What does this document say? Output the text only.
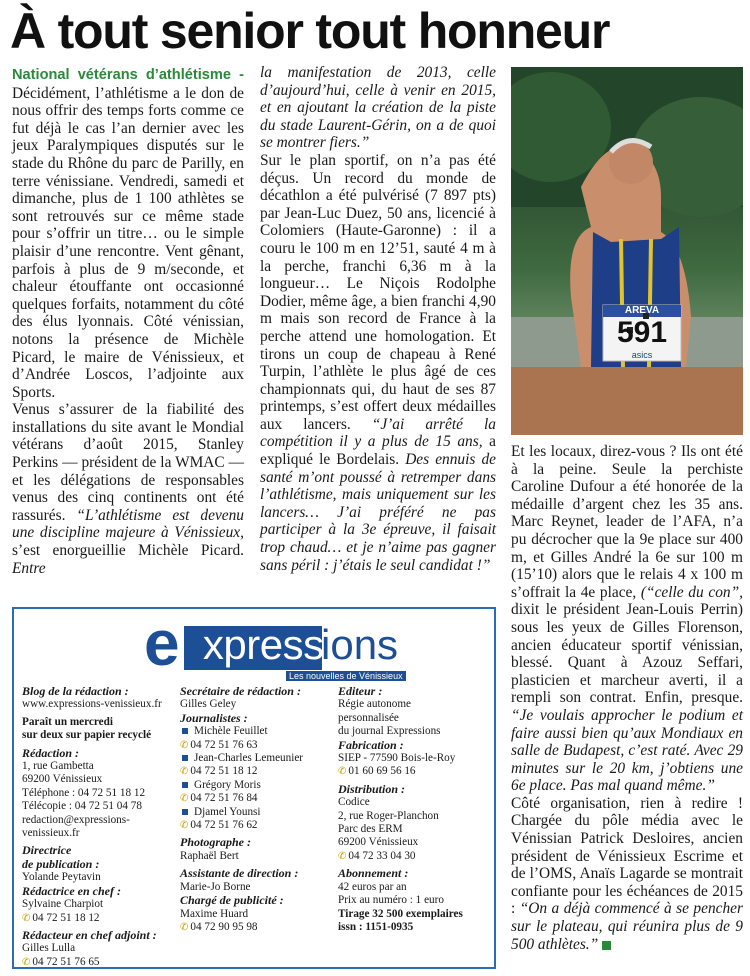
À tout senior tout honneur

National vétérans d’athlétisme - Décidément, l’athlétisme a le don de nous offrir des temps forts comme ce fut déjà le cas l’an dernier avec les jeux Paralympiques disputés sur le stade du Rhône du parc de Parilly, en terre vénissiane. Vendredi, samedi et dimanche, plus de 1 100 athlètes se sont retrouvés sur ce même stade pour s’offrir un titre… ou le simple plaisir d’une rencontre. Vent gênant, parfois à plus de 9 m/seconde, et chaleur étouffante ont occasionné quelques forfaits, notamment du côté des élus lyonnais. Côté vénissian, notons la présence de Michèle Picard, le maire de Vénissieux, et d’Andrée Loscos, l’adjointe aux Sports.

Venus s’assurer de la fiabilité des installations du site avant le Mondial vétérans d’août 2015, Stanley Perkins — président de la WMAC — et les délégations de responsables venus des cinq continents ont été rassurés. “L’athlétisme est devenu une discipline majeure à Vénissieux, s’est enorgueillie Michèle Picard. Entre

la manifestation de 2013, celle d’aujourd’hui, celle à venir en 2015, et en ajoutant la création de la piste du stade Laurent-Gérin, on a de quoi se montrer fiers.”

Sur le plan sportif, on n’a pas été déçus. Un record du monde de décathlon a été pulvérisé (7 897 pts) par Jean-Luc Duez, 50 ans, licencié à Colomiers (Haute-Garonne) : il a couru le 100 m en 12’51, sauté 4 m à la perche, franchi 6,36 m à la longueur… Le Niçois Rodolphe Dodier, même âge, a bien franchi 4,90 m mais son record de France à la perche attend une homologation. Et tirons un coup de chapeau à René Turpin, l’athlète le plus âgé de ces championnats qui, du haut de ses 87 printemps, s’est offert deux médailles aux lancers. “J’ai arrêté la compétition il y a plus de 15 ans, a expliqué le Bordelais. Des ennuis de santé m’ont poussé à retremper dans l’athlétisme, mais uniquement sur les lancers… J’ai préféré ne pas participer à la 3e épreuve, il faisait trop chaud… et je n’aime pas gagner sans péril : j’étais le seul candidat !”

AREVA
591
asics

Et les locaux, direz-vous ? Ils ont été à la peine. Seule la perchiste Caroline Dufour a été honorée de la médaille d’argent chez les 35 ans. Marc Reynet, leader de l’AFA, n’a pu décrocher que la 9e place sur 400 m, et Gilles André la 6e sur 100 m (15’10) alors que le relais 4 x 100 m s’offrait la 4e place, (“celle du con”, dixit le président Jean-Louis Perrin) sous les yeux de Gilles Florenson, ancien éducateur sportif vénissian, blessé. Quant à Azouz Seffari, plasticien et marcheur averti, il a rempli son contrat. Enfin, presque. “Je voulais approcher le podium et faire aussi bien qu’aux Mondiaux en salle de Budapest, c’est raté. Avec 29 minutes sur le 20 km, j’obtiens une 6e place. Pas mal quand même.”

Côté organisation, rien à redire ! Chargée du pôle média avec le Vénissian Patrick Desloires, ancien président de Vénissieux Escrime et de l’OMS, Anaïs Lagarde se montrait confiante pour les échéances de 2015 : “On a déjà commencé à se pencher sur le plateau, qui réunira plus de 9 500 athlètes.”

e xpress
ions
Les nouvelles de Vénissieux
Blog de la rédaction :
www.expressions-venissieux.fr
Paraît un mercredi
sur deux sur papier recyclé
Rédaction :
1, rue Gambetta
69200 Vénissieux
Téléphone : 04 72 51 18 12
Télécopie : 04 72 51 04 78
redaction@expressions-
venissieux.fr
Directrice
de publication :
Yolande Peytavin
Rédactrice en chef :
Sylvaine Charpiot
✆ 04 72 51 18 12
Rédacteur en chef adjoint :
Gilles Lulla
✆ 04 72 51 76 65
Secrétaire de rédaction :
Gilles Geley
Journalistes :
Michèle Feuillet
✆ 04 72 51 76 63
Jean-Charles Lemeunier
✆ 04 72 51 18 12
Grégory Moris
✆ 04 72 51 76 84
Djamel Younsi
✆ 04 72 51 76 62
Photographe :
Raphaël Bert
Assistante de direction :
Marie-Jo Borne
Chargé de publicité :
Maxime Huard
✆ 04 72 90 95 98
Editeur :
Régie autonome
personnalisée
du journal Expressions
Fabrication :
SIEP - 77590 Bois-le-Roy
✆ 01 60 69 56 16
Distribution :
Codice
2, rue Roger-Planchon
Parc des ERM
69200 Vénissieux
✆ 04 72 33 04 30
Abonnement :
42 euros par an
Prix au numéro : 1 euro
Tirage 32 500 exemplaires
issn : 1151-0935
